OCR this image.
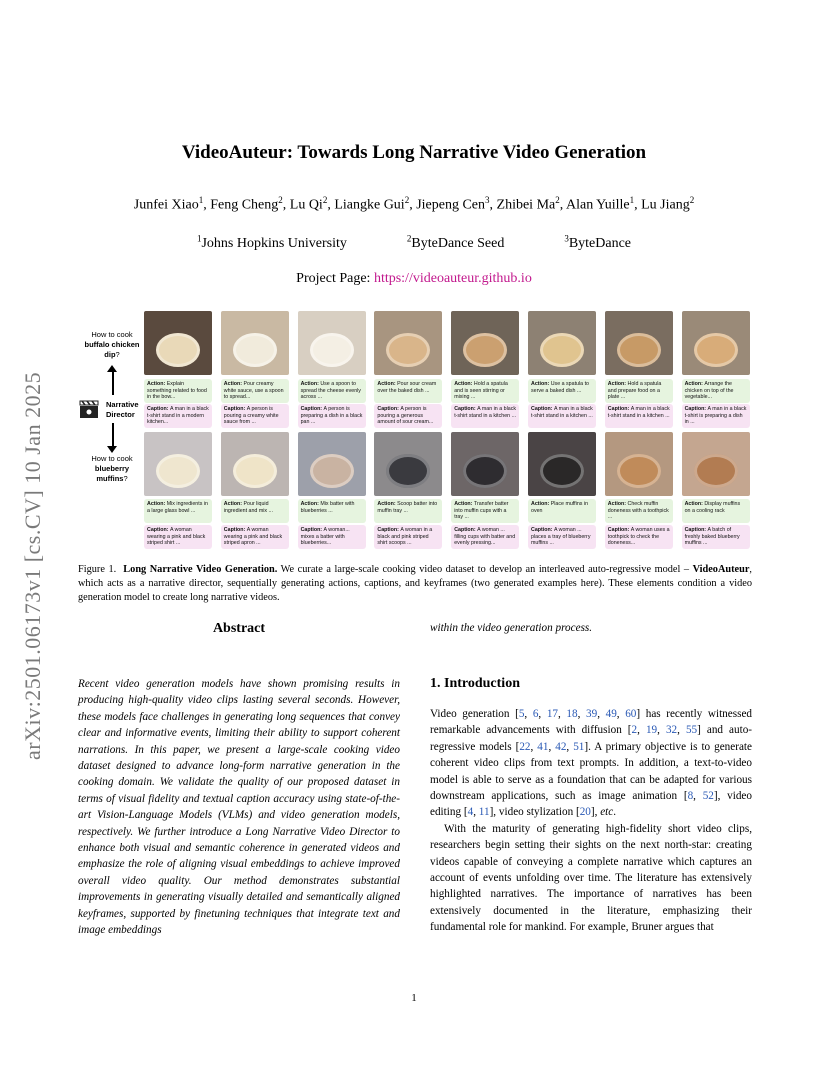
VideoAuteur: Towards Long Narrative Video Generation
Junfei Xiao$^1$, Feng Cheng$^2$, Lu Qi$^2$, Liangke Gui$^2$, Jiepeng Cen$^3$, Zhibei Ma$^2$, Alan Yuille$^1$, Lu Jiang$^2$
$^1$Johns Hopkins University	$^2$ByteDance Seed	$^3$ByteDance
Project Page: https://videoauteur.github.io
arXiv:2501.06173v1 [cs.CV] 10 Jan 2025
How to cook
buffalo chicken dip?
Narrative
Director
How to cook
blueberry muffins?
Action: Explain something related to food in the bow...
Caption: A man in a black t-shirt stand in a modern kitchen...
Action: Mix ingredients in a large glass bowl ...
Caption: A woman wearing a pink and black striped shirt ...
Action: Pour creamy white sauce, use a spoon to spread...
Caption: A person is pouring a creamy white sauce from ...
Action: Pour liquid ingredient and mix ...
Caption: A woman wearing a pink and black striped apron ...
Action: Use a spoon to spread the cheese evenly across ...
Caption: A person is preparing a dish in a black pan ...
Action: Mix batter with blueberries ...
Caption: A woman... mixes a batter with blueberries...
Action: Pour sour cream over the baked dish ...
Caption: A person is pouring a generous amount of sour cream...
Action: Scoop batter into muffin tray ...
Caption: A woman in a black and pink striped shirt scoops ...
Action: Hold a spatula and is seen stirring or mixing ...
Caption: A man in a black t-shirt stand in a kitchen ...
Action: Transfer batter into muffin cups with a tray ...
Caption: A woman ... filling cups with batter and evenly pressing...
Action: Use a spatula to serve a baked dish ...
Caption: A man in a black t-shirt stand in a kitchen ...
Action: Place muffins in oven
Caption: A woman ... places a tray of blueberry muffins ...
Action: Hold a spatula and prepare food on a plate ...
Caption: A man in a black t-shirt stand in a kitchen ...
Action: Check muffin doneness with a toothpick ...
Caption: A woman uses a toothpick to check the doneness...
Action: Arrange the chicken on top of the vegetable...
Caption: A man in a black t-shirt is preparing a dish in ...
Action: Display muffins on a cooling rack
Caption: A batch of freshly baked blueberry muffins ...
Figure 1. Long Narrative Video Generation. We curate a large-scale cooking video dataset to develop an interleaved auto-regressive model – VideoAuteur, which acts as a narrative director, sequentially generating actions, captions, and keyframes (two generated examples here). These elements condition a video generation model to create long narrative videos.
Abstract
Recent video generation models have shown promising results in producing high-quality video clips lasting several seconds. However, these models face challenges in generating long sequences that convey clear and informative events, limiting their ability to support coherent narrations. In this paper, we present a large-scale cooking video dataset designed to advance long-form narrative generation in the cooking domain. We validate the quality of our proposed dataset in terms of visual fidelity and textual caption accuracy using state-of-the-art Vision-Language Models (VLMs) and video generation models, respectively. We further introduce a Long Narrative Video Director to enhance both visual and semantic coherence in generated videos and emphasize the role of aligning visual embeddings to achieve improved overall video quality. Our method demonstrates substantial improvements in generating visually detailed and semantically aligned keyframes, supported by finetuning techniques that integrate text and image embeddings
within the video generation process.
1. Introduction

Video generation [5, 6, 17, 18, 39, 49, 60] has recently witnessed remarkable advancements with diffusion [2, 19, 32, 55] and auto-regressive models [22, 41, 42, 51]. A primary objective is to generate coherent video clips from text prompts. In addition, a text-to-video model is able to serve as a foundation that can be adapted for various downstream applications, such as image animation [8, 52], video editing [4, 11], video stylization [20], etc.

With the maturity of generating high-fidelity short video clips, researchers begin setting their sights on the next north-star: creating videos capable of conveying a complete narrative which captures an account of events unfolding over time. The literature has extensively highlighted narratives. The importance of narratives has been extensively documented in the literature, emphasizing their fundamental role for mankind. For example, Bruner argues that

1
